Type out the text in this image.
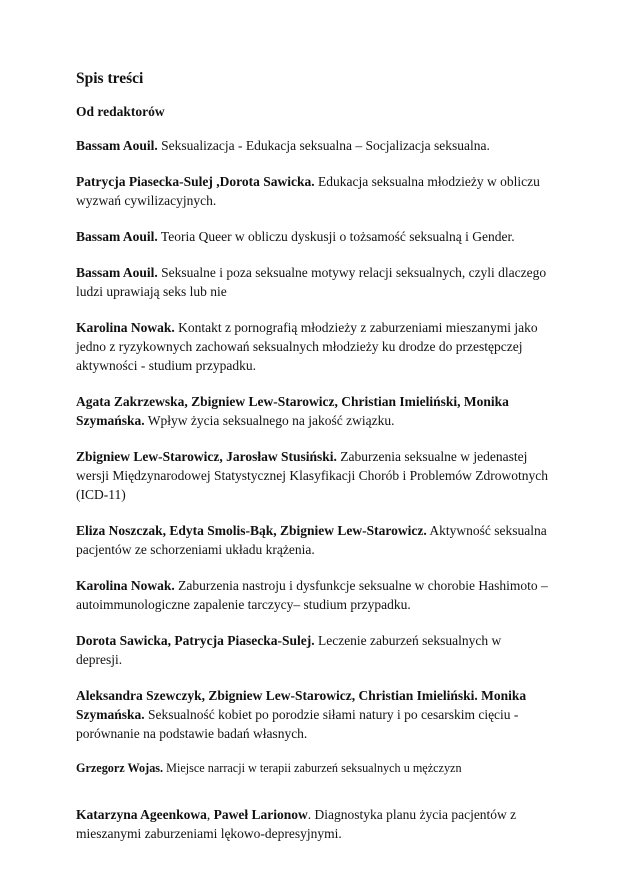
Spis treści
Od redaktorów
Bassam Aouil. Seksualizacja - Edukacja seksualna – Socjalizacja seksualna.
Patrycja Piasecka-Sulej ,Dorota Sawicka. Edukacja seksualna młodzieży w obliczu wyzwań cywilizacyjnych.
Bassam Aouil. Teoria Queer w obliczu dyskusji o tożsamość seksualną i Gender.
Bassam Aouil. Seksualne i poza seksualne motywy relacji seksualnych, czyli dlaczego ludzi uprawiają seks lub nie
Karolina Nowak. Kontakt z pornografią młodzieży z zaburzeniami mieszanymi jako jedno z ryzykownych zachowań seksualnych młodzieży ku drodze do przestępczej aktywności - studium przypadku.
Agata Zakrzewska, Zbigniew Lew-Starowicz, Christian Imieliński, Monika Szymańska. Wpływ życia seksualnego na jakość związku.
Zbigniew Lew-Starowicz, Jarosław Stusiński. Zaburzenia seksualne w jedenastej wersji Międzynarodowej Statystycznej Klasyfikacji Chorób i Problemów Zdrowotnych (ICD-11)
Eliza Noszczak, Edyta Smolis-Bąk, Zbigniew Lew-Starowicz. Aktywność seksualna pacjentów ze schorzeniami układu krążenia.
Karolina Nowak. Zaburzenia nastroju i dysfunkcje seksualne w chorobie Hashimoto – autoimmunologiczne zapalenie tarczycy– studium przypadku.
Dorota Sawicka, Patrycja Piasecka-Sulej. Leczenie zaburzeń seksualnych w depresji.
Aleksandra Szewczyk, Zbigniew Lew-Starowicz, Christian Imieliński. Monika Szymańska. Seksualność kobiet po porodzie siłami natury i po cesarskim cięciu - porównanie na podstawie badań własnych.
Grzegorz Wojas. Miejsce narracji w terapii zaburzeń seksualnych u mężczyzn
Katarzyna Ageenkowa, Paweł Larionow. Diagnostyka planu życia pacjentów z mieszanymi zaburzeniami lękowo-depresyjnymi.
